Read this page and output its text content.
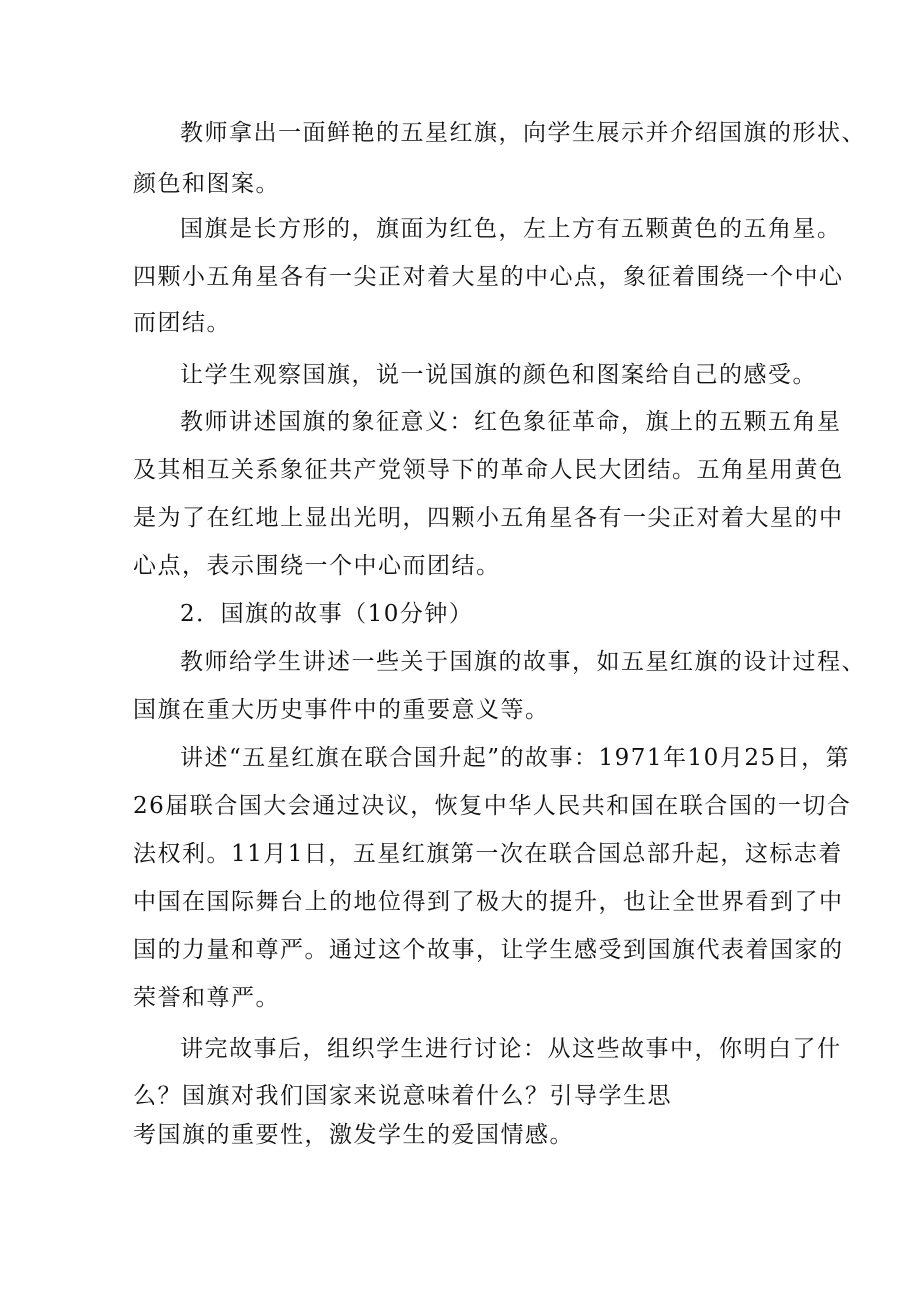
教师拿出一面鲜艳的五星红旗，向学生展示并介绍国旗的形状、
颜色和图案。
国旗是长方形的，旗面为红色，左上方有五颗黄色的五角星。
四颗小五角星各有一尖正对着大星的中心点，象征着围绕一个中心
而团结。
让学生观察国旗，说一说国旗的颜色和图案给自己的感受。
教师讲述国旗的象征意义：红色象征革命，旗上的五颗五角星
及其相互关系象征共产党领导下的革命人民大团结。五角星用黄色
是为了在红地上显出光明，四颗小五角星各有一尖正对着大星的中
心点，表示围绕一个中心而团结。
2．国旗的故事（10分钟）
教师给学生讲述一些关于国旗的故事，如五星红旗的设计过程、
国旗在重大历史事件中的重要意义等。
讲述“五星红旗在联合国升起”的故事：1971年10月25日，第
26届联合国大会通过决议，恢复中华人民共和国在联合国的一切合
法权利。11月1日，五星红旗第一次在联合国总部升起，这标志着
中国在国际舞台上的地位得到了极大的提升，也让全世界看到了中
国的力量和尊严。通过这个故事，让学生感受到国旗代表着国家的
荣誉和尊严。
讲完故事后，组织学生进行讨论：从这些故事中，你明白了什
么？国旗对我们国家来说意味着什么？引导学生思
考国旗的重要性，激发学生的爱国情感。
